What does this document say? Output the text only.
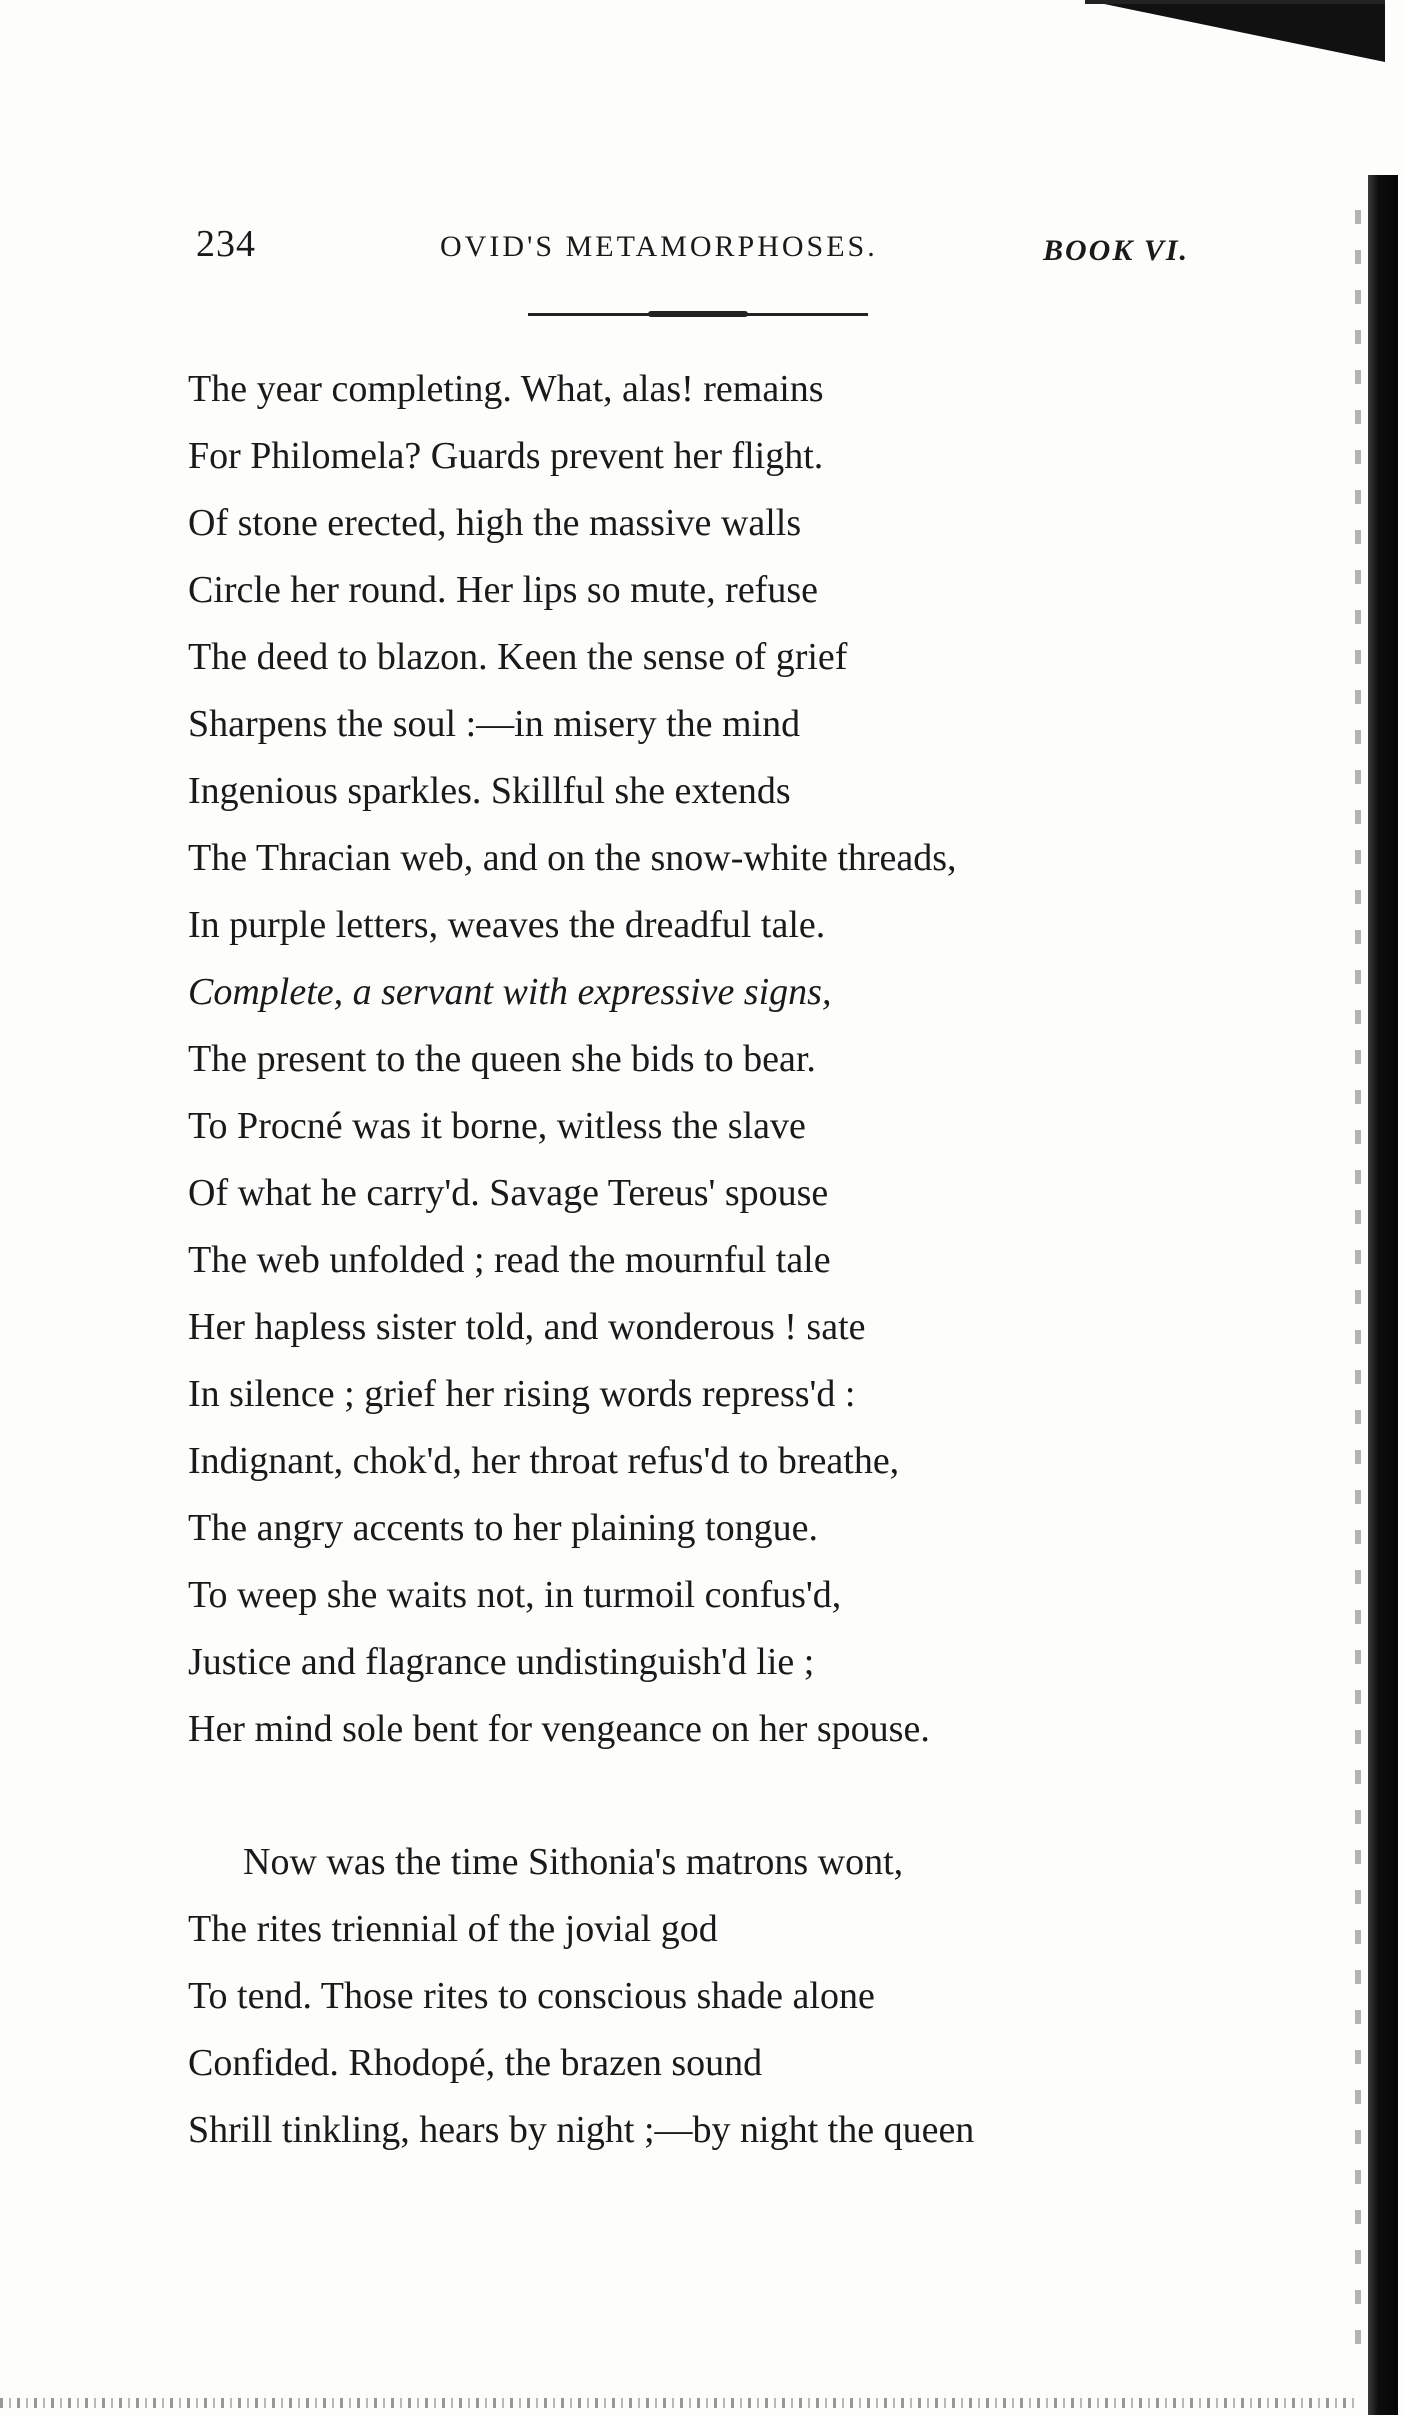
234	OVID'S METAMORPHOSES.	BOOK VI.
The year completing. What, alas! remains
For Philomela? Guards prevent her flight.
Of stone erected, high the massive walls
Circle her round. Her lips so mute, refuse
The deed to blazon. Keen the sense of grief
Sharpens the soul :—in misery the mind
Ingenious sparkles. Skillful she extends
The Thracian web, and on the snow-white threads,
In purple letters, weaves the dreadful tale.
Complete, a servant with expressive signs,
The present to the queen she bids to bear.
To Procné was it borne, witless the slave
Of what he carry'd. Savage Tereus' spouse
The web unfolded ; read the mournful tale
Her hapless sister told, and wonderous ! sate
In silence ; grief her rising words repress'd :
Indignant, chok'd, her throat refus'd to breathe,
The angry accents to her plaining tongue.
To weep she waits not, in turmoil confus'd,
Justice and flagrance undistinguish'd lie ;
Her mind sole bent for vengeance on her spouse.
Now was the time Sithonia's matrons wont,
The rites triennial of the jovial god
To tend. Those rites to conscious shade alone
Confided. Rhodopé, the brazen sound
Shrill tinkling, hears by night ;—by night the queen
